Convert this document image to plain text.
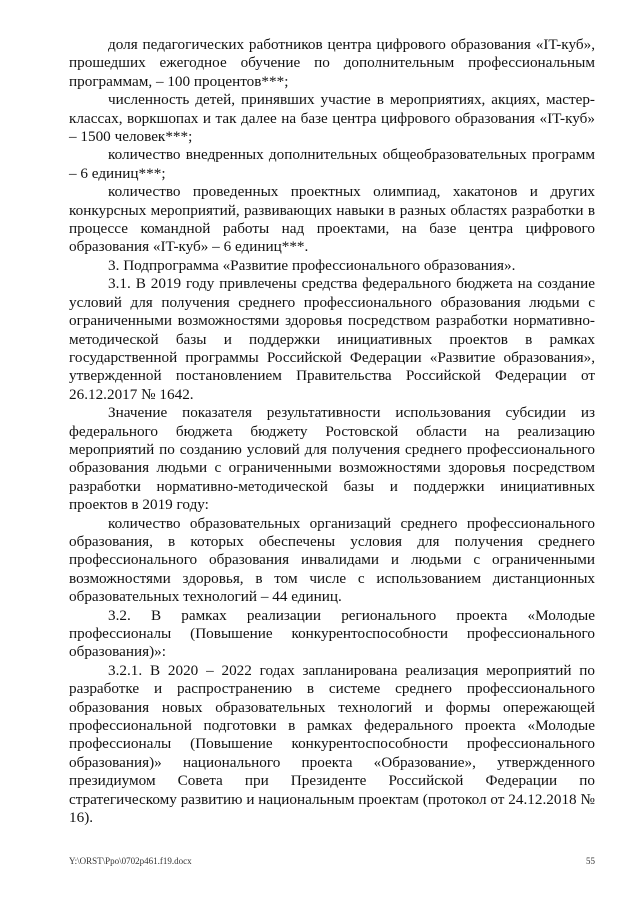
доля педагогических работников центра цифрового образования «IT-куб», прошедших ежегодное обучение по дополнительным профессиональным программам, – 100 процентов***;

численность детей, принявших участие в мероприятиях, акциях, мастер-классах, воркшопах и так далее на базе центра цифрового образования «IT-куб» – 1500 человек***;

количество внедренных дополнительных общеобразовательных программ – 6 единиц***;

количество проведенных проектных олимпиад, хакатонов и других конкурсных мероприятий, развивающих навыки в разных областях разработки в процессе командной работы над проектами, на базе центра цифрового образования «IT-куб» – 6 единиц***.

3. Подпрограмма «Развитие профессионального образования».

3.1. В 2019 году привлечены средства федерального бюджета на создание условий для получения среднего профессионального образования людьми с ограниченными возможностями здоровья посредством разработки нормативно-методической базы и поддержки инициативных проектов в рамках государственной программы Российской Федерации «Развитие образования», утвержденной постановлением Правительства Российской Федерации от 26.12.2017 № 1642.

Значение показателя результативности использования субсидии из федерального бюджета бюджету Ростовской области на реализацию мероприятий по созданию условий для получения среднего профессионального образования людьми с ограниченными возможностями здоровья посредством разработки нормативно-методической базы и поддержки инициативных проектов в 2019 году:

количество образовательных организаций среднего профессионального образования, в которых обеспечены условия для получения среднего профессионального образования инвалидами и людьми с ограниченными возможностями здоровья, в том числе с использованием дистанционных образовательных технологий – 44 единиц.

3.2. В рамках реализации регионального проекта «Молодые профессионалы (Повышение конкурентоспособности профессионального образования)»:

3.2.1. В 2020 – 2022 годах запланирована реализация мероприятий по разработке и распространению в системе среднего профессионального образования новых образовательных технологий и формы опережающей профессиональной подготовки в рамках федерального проекта «Молодые профессионалы (Повышение конкурентоспособности профессионального образования)» национального проекта «Образование», утвержденного президиумом Совета при Президенте Российской Федерации по стратегическому развитию и национальным проектам (протокол от 24.12.2018 № 16).

Y:\ORST\Ppo\0702p461.f19.docx	55
